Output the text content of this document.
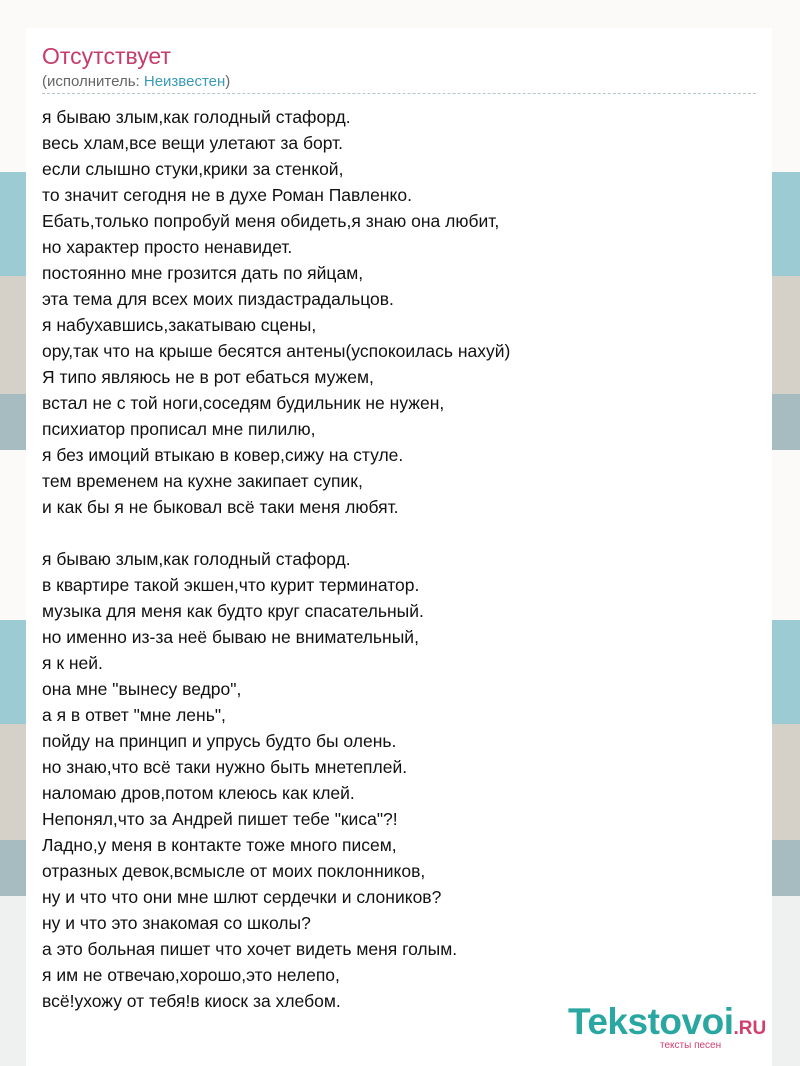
Отсутствует
(исполнитель: Неизвестен)
я бываю злым,как голодный стафорд.
весь хлам,все вещи улетают за борт.
если слышно стуки,крики за стенкой,
то значит сегодня не в духе Роман Павленко.
Ебать,только попробуй меня обидеть,я знаю она любит,
но характер просто ненавидет.
постоянно мне грозится дать по яйцам,
эта тема для всех моих пиздастрадальцов.
я набухавшись,закатываю сцены,
ору,так что на крыше бесятся антены(успокоилась нахуй)
Я типо являюсь не в рот ебаться мужем,
встал не с той ноги,соседям будильник не нужен,
психиатор прописал мне пилилю,
я без имоций втыкаю в ковер,сижу на стуле.
тем временем на кухне закипает супик,
и как бы я не быковал всё таки меня любят.
я бываю злым,как голодный стафорд.
в квартире такой экшен,что курит терминатор.
музыка для меня как будто круг спасательный.
но именно из-за неё бываю не внимательный,
я к ней.
она мне "вынесу ведро",
а я в ответ "мне лень",
пойду на принцип и упрусь будто бы олень.
но знаю,что всё таки нужно быть мнетеплей.
наломаю дров,потом клеюсь как клей.
Непонял,что за Андрей пишет тебе "киса"?!
Ладно,у меня в контакте тоже много писем,
отразных девок,всмысле от моих поклонников,
ну и что что они мне шлют сердечки и слоников?
ну и что это знакомая со школы?
а это больная пишет что хочет видеть меня голым.
я им не отвечаю,хорошо,это нелепо,
всё!ухожу от тебя!в киоск за хлебом.	Tekstovoi.RU
тексты песен
